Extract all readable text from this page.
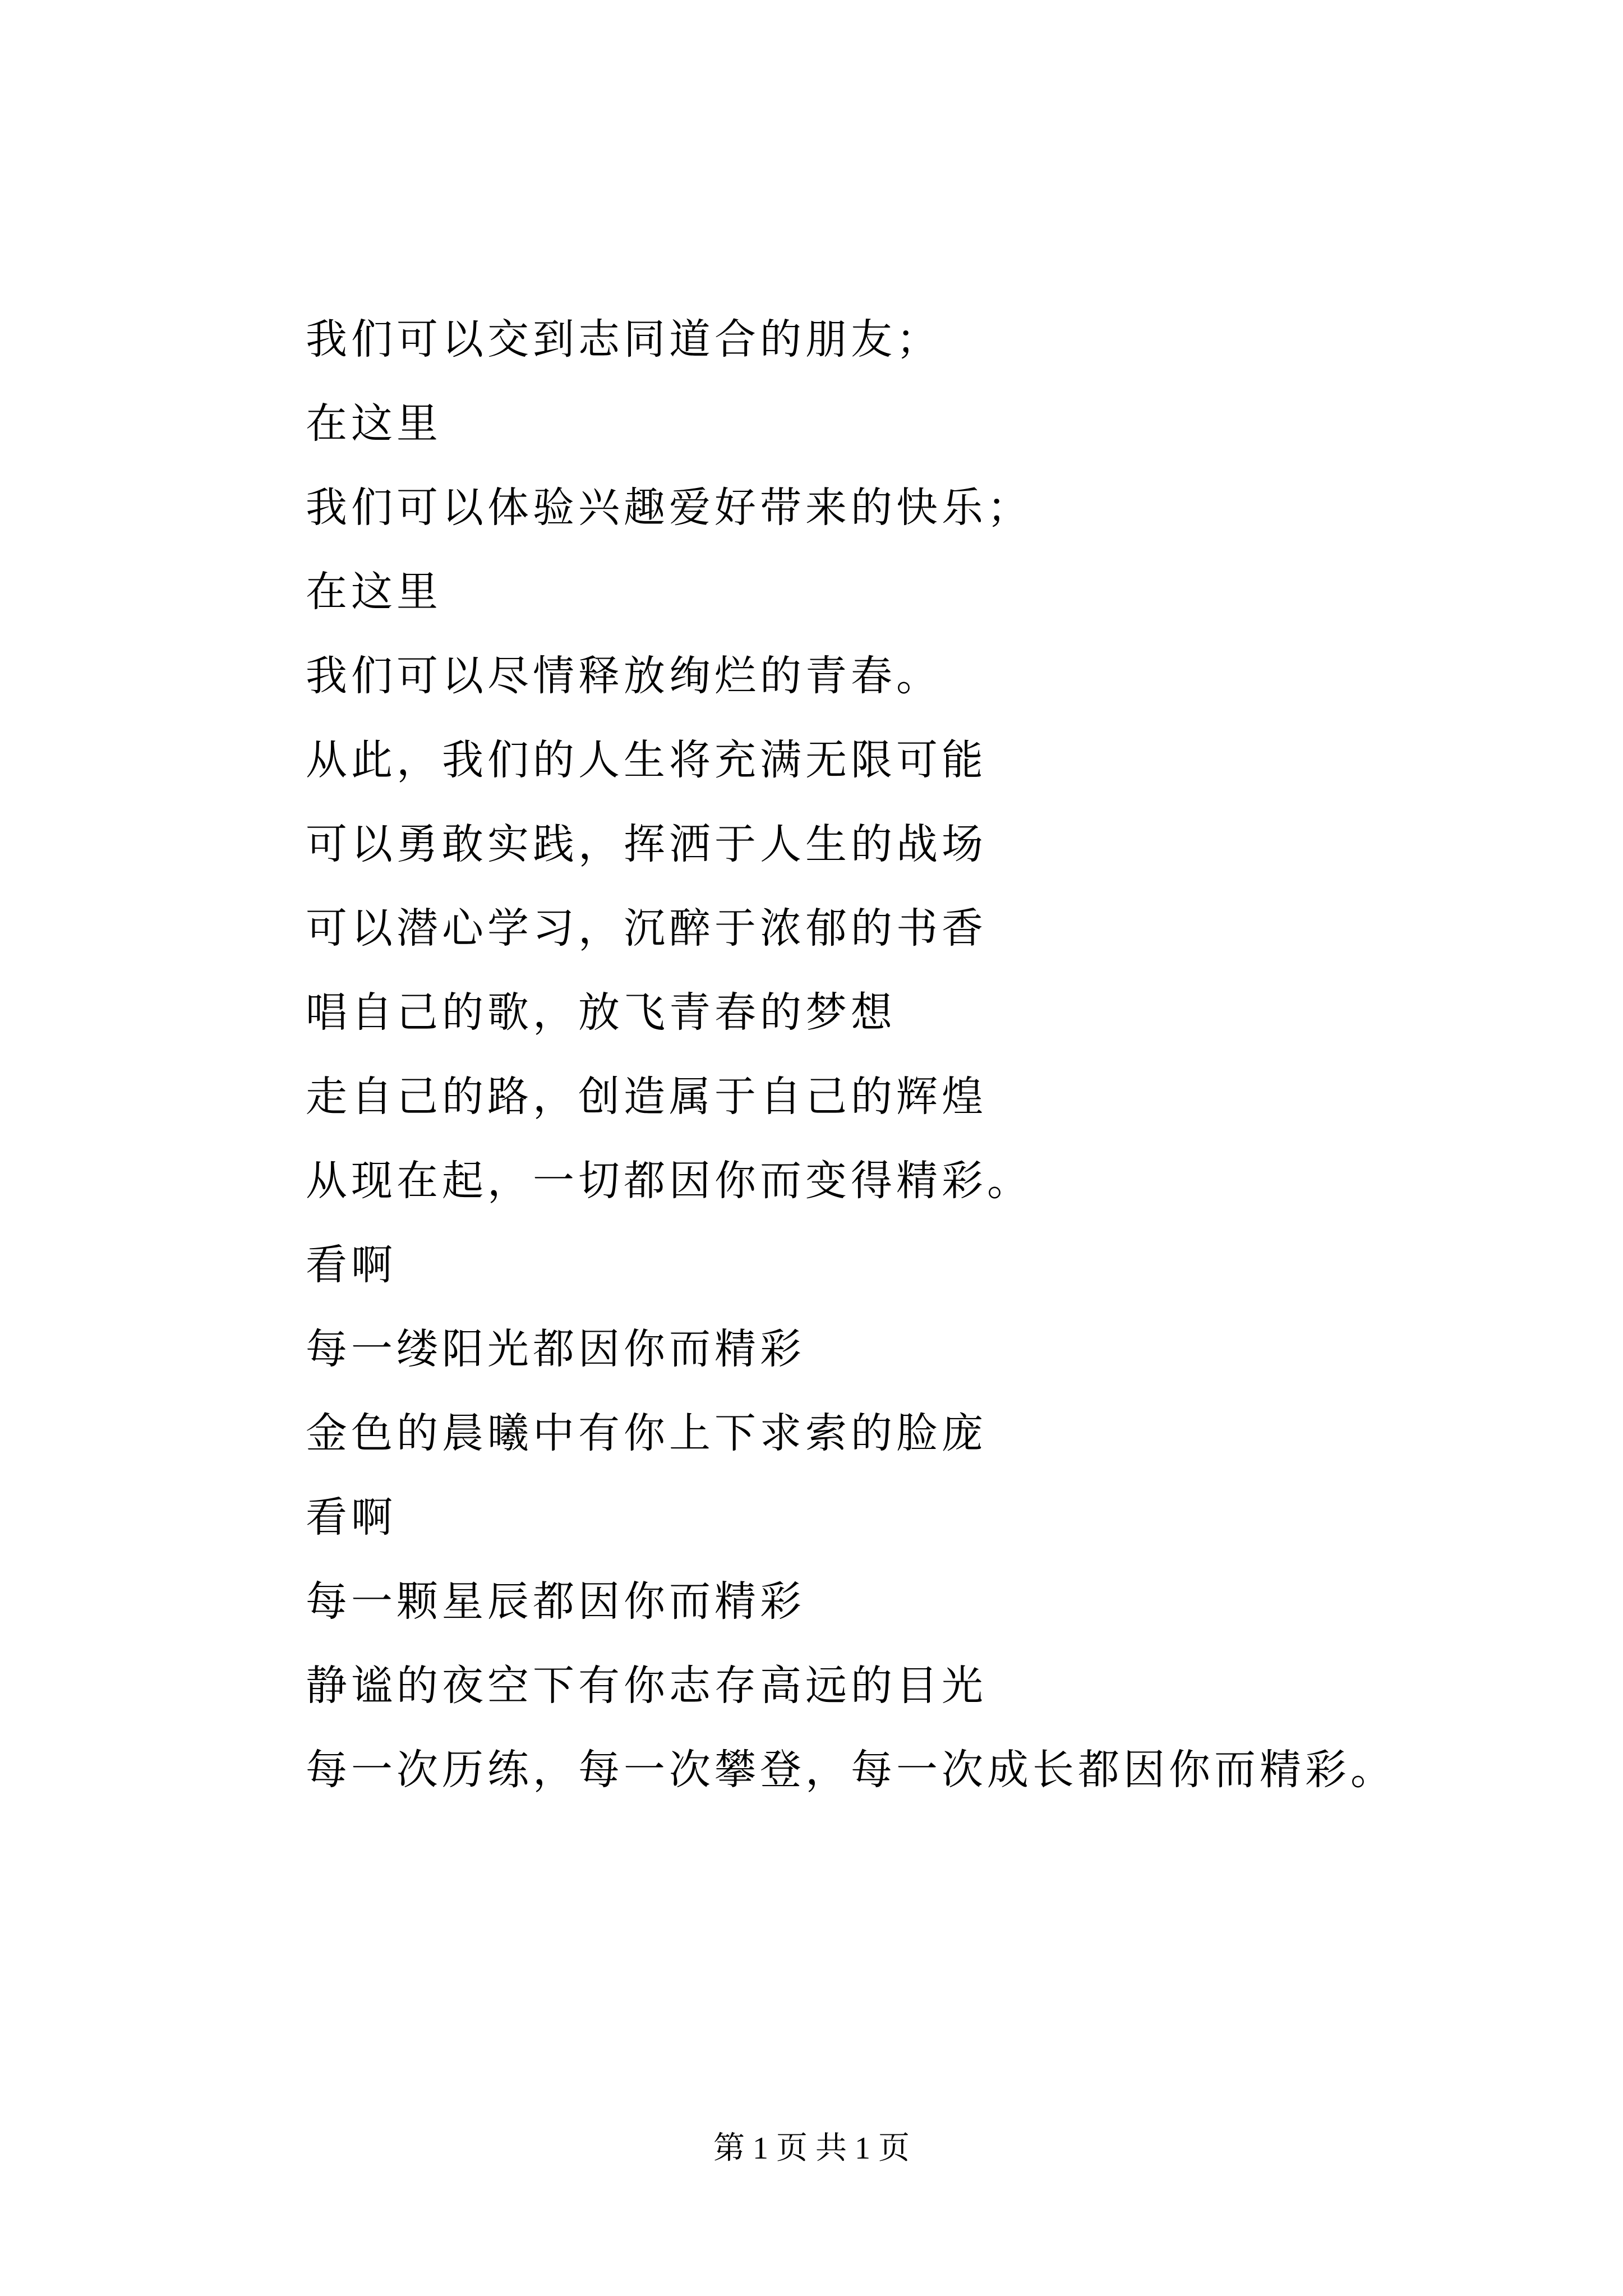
我们可以交到志同道合的朋友；
在这里
我们可以体验兴趣爱好带来的快乐；
在这里
我们可以尽情释放绚烂的青春。
从此，我们的人生将充满无限可能
可以勇敢实践，挥洒于人生的战场
可以潜心学习，沉醉于浓郁的书香
唱自己的歌，放飞青春的梦想
走自己的路，创造属于自己的辉煌
从现在起，一切都因你而变得精彩。
看啊
每一缕阳光都因你而精彩
金色的晨曦中有你上下求索的脸庞
看啊
每一颗星辰都因你而精彩
静谧的夜空下有你志存高远的目光
每一次历练，每一次攀登，每一次成长都因你而精彩。
第 1 页 共 1 页
